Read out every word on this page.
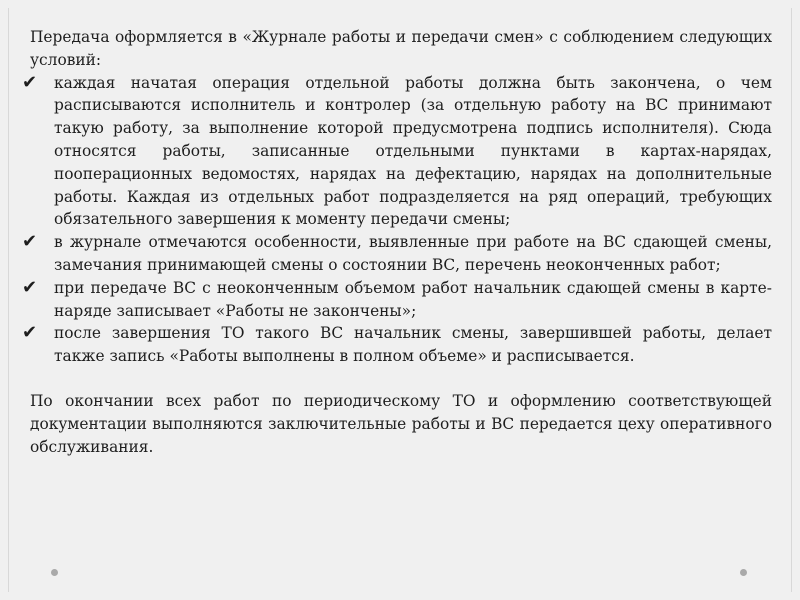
Передача оформляется в «Журнале работы и передачи смен» с соблюдением следующих условий:

✔ каждая начатая операция отдельной работы должна быть закончена, о чем расписываются исполнитель и контролер (за отдельную работу на ВС принимают такую работу, за выполнение которой предусмотрена подпись исполнителя). Сюда относятся работы, записанные отдельными пунктами в картах-нарядах, пооперационных ведомостях, нарядах на дефектацию, нарядах на дополнительные работы. Каждая из отдельных работ подразделяется на ряд операций, требующих обязательного завершения к моменту передачи смены;
✔ в журнале отмечаются особенности, выявленные при работе на ВС сдающей смены, замечания принимающей смены о состоянии ВС, перечень неоконченных работ;
✔ при передаче ВС с неоконченным объемом работ начальник сдающей смены в карте-наряде записывает «Работы не закончены»;
✔ после завершения ТО такого ВС начальник смены, завершившей работы, делает также запись «Работы выполнены в полном объеме» и расписывается.

По окончании всех работ по периодическому ТО и оформлению соответствующей документации выполняются заключительные работы и ВС передается цеху оперативного обслуживания.
